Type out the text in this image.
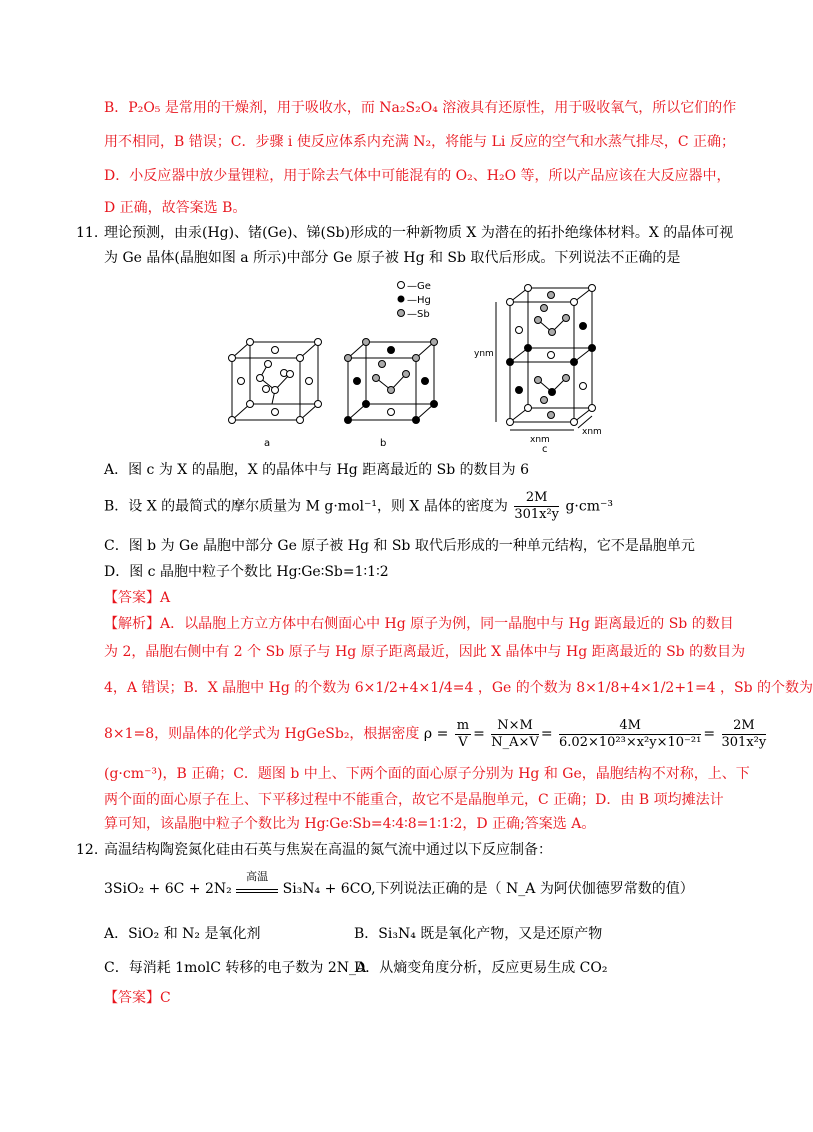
B．P₂O₅ 是常用的干燥剂，用于吸收水，而 Na₂S₂O₄ 溶液具有还原性，用于吸收氧气，所以它们的作
用不相同，B 错误；C．步骤 i 使反应体系内充满 N₂，将能与 Li 反应的空气和水蒸气排尽，C 正确；
D．小反应器中放少量锂粒，用于除去气体中可能混有的 O₂、H₂O 等，所以产品应该在大反应器中，
D 正确，故答案选 B。
11. 理论预测，由汞(Hg)、锗(Ge)、锑(Sb)形成的一种新物质 X 为潜在的拓扑绝缘体材料。X 的晶体可视
为 Ge 晶体(晶胞如图 a 所示)中部分 Ge 原子被 Hg 和 Sb 取代后形成。下列说法不正确的是
—Ge
—Hg
—Sb
a	b
ynm
xnm
xnm
c
A．图 c 为 X 的晶胞，X 的晶体中与 Hg 距离最近的 Sb 的数目为 6
B．设 X 的最简式的摩尔质量为 M g·mol⁻¹，则 X 晶体的密度为 $\frac{2M}{\text{301x²y}} g\cdot cm^{-3}$
C．图 b 为 Ge 晶胞中部分 Ge 原子被 Hg 和 Sb 取代后形成的一种单元结构，它不是晶胞单元
D．图 c 晶胞中粒子个数比 Hg∶Ge∶Sb=1∶1∶2
【答案】A
【解析】A．以晶胞上方立方体中右侧面心中 Hg 原子为例，同一晶胞中与 Hg 距离最近的 Sb 的数目
为 2，晶胞右侧中有 2 个 Sb 原子与 Hg 原子距离最近，因此 X 晶体中与 Hg 距离最近的 Sb 的数目为
4，A 错误；B．X 晶胞中 Hg 的个数为 6×1/2+4×1/4=4 ，Ge 的个数为 8×1/8+4×1/2+1=4 ，Sb 的个数为
8×1=8，则晶体的化学式为 HgGeSb₂，根据密度 $\rho = \frac{m}{V} = \frac{N\times M}{N\_A\times V} = \frac{4M}{\text{6.02×10²³×x²y×10⁻²¹}} = \frac{2M}{\text{301x²y}}$
(g·cm⁻³)，B 正确；C．题图 b 中上、下两个面的面心原子分别为 Hg 和 Ge，晶胞结构不对称，上、下
两个面的面心原子在上、下平移过程中不能重合，故它不是晶胞单元，C 正确；D．由 B 项均摊法计
算可知，该晶胞中粒子个数比为 Hg∶Ge∶Sb=4∶4∶8=1∶1∶2，D 正确;答案选 A。
12. 高温结构陶瓷氮化硅由石英与焦炭在高温的氮气流中通过以下反应制备：
3SiO₂ + 6C + 2N₂
高温
Si₃N₄ + 6CO,下列说法正确的是（ N_A 为阿伏伽德罗常数的值）
A．SiO₂ 和 N₂ 是氧化剂	B．Si₃N₄ 既是氧化产物，又是还原产物
C．每消耗 1molC 转移的电子数为 2N_A
D．从熵变角度分析，反应更易生成 CO₂
【答案】C
